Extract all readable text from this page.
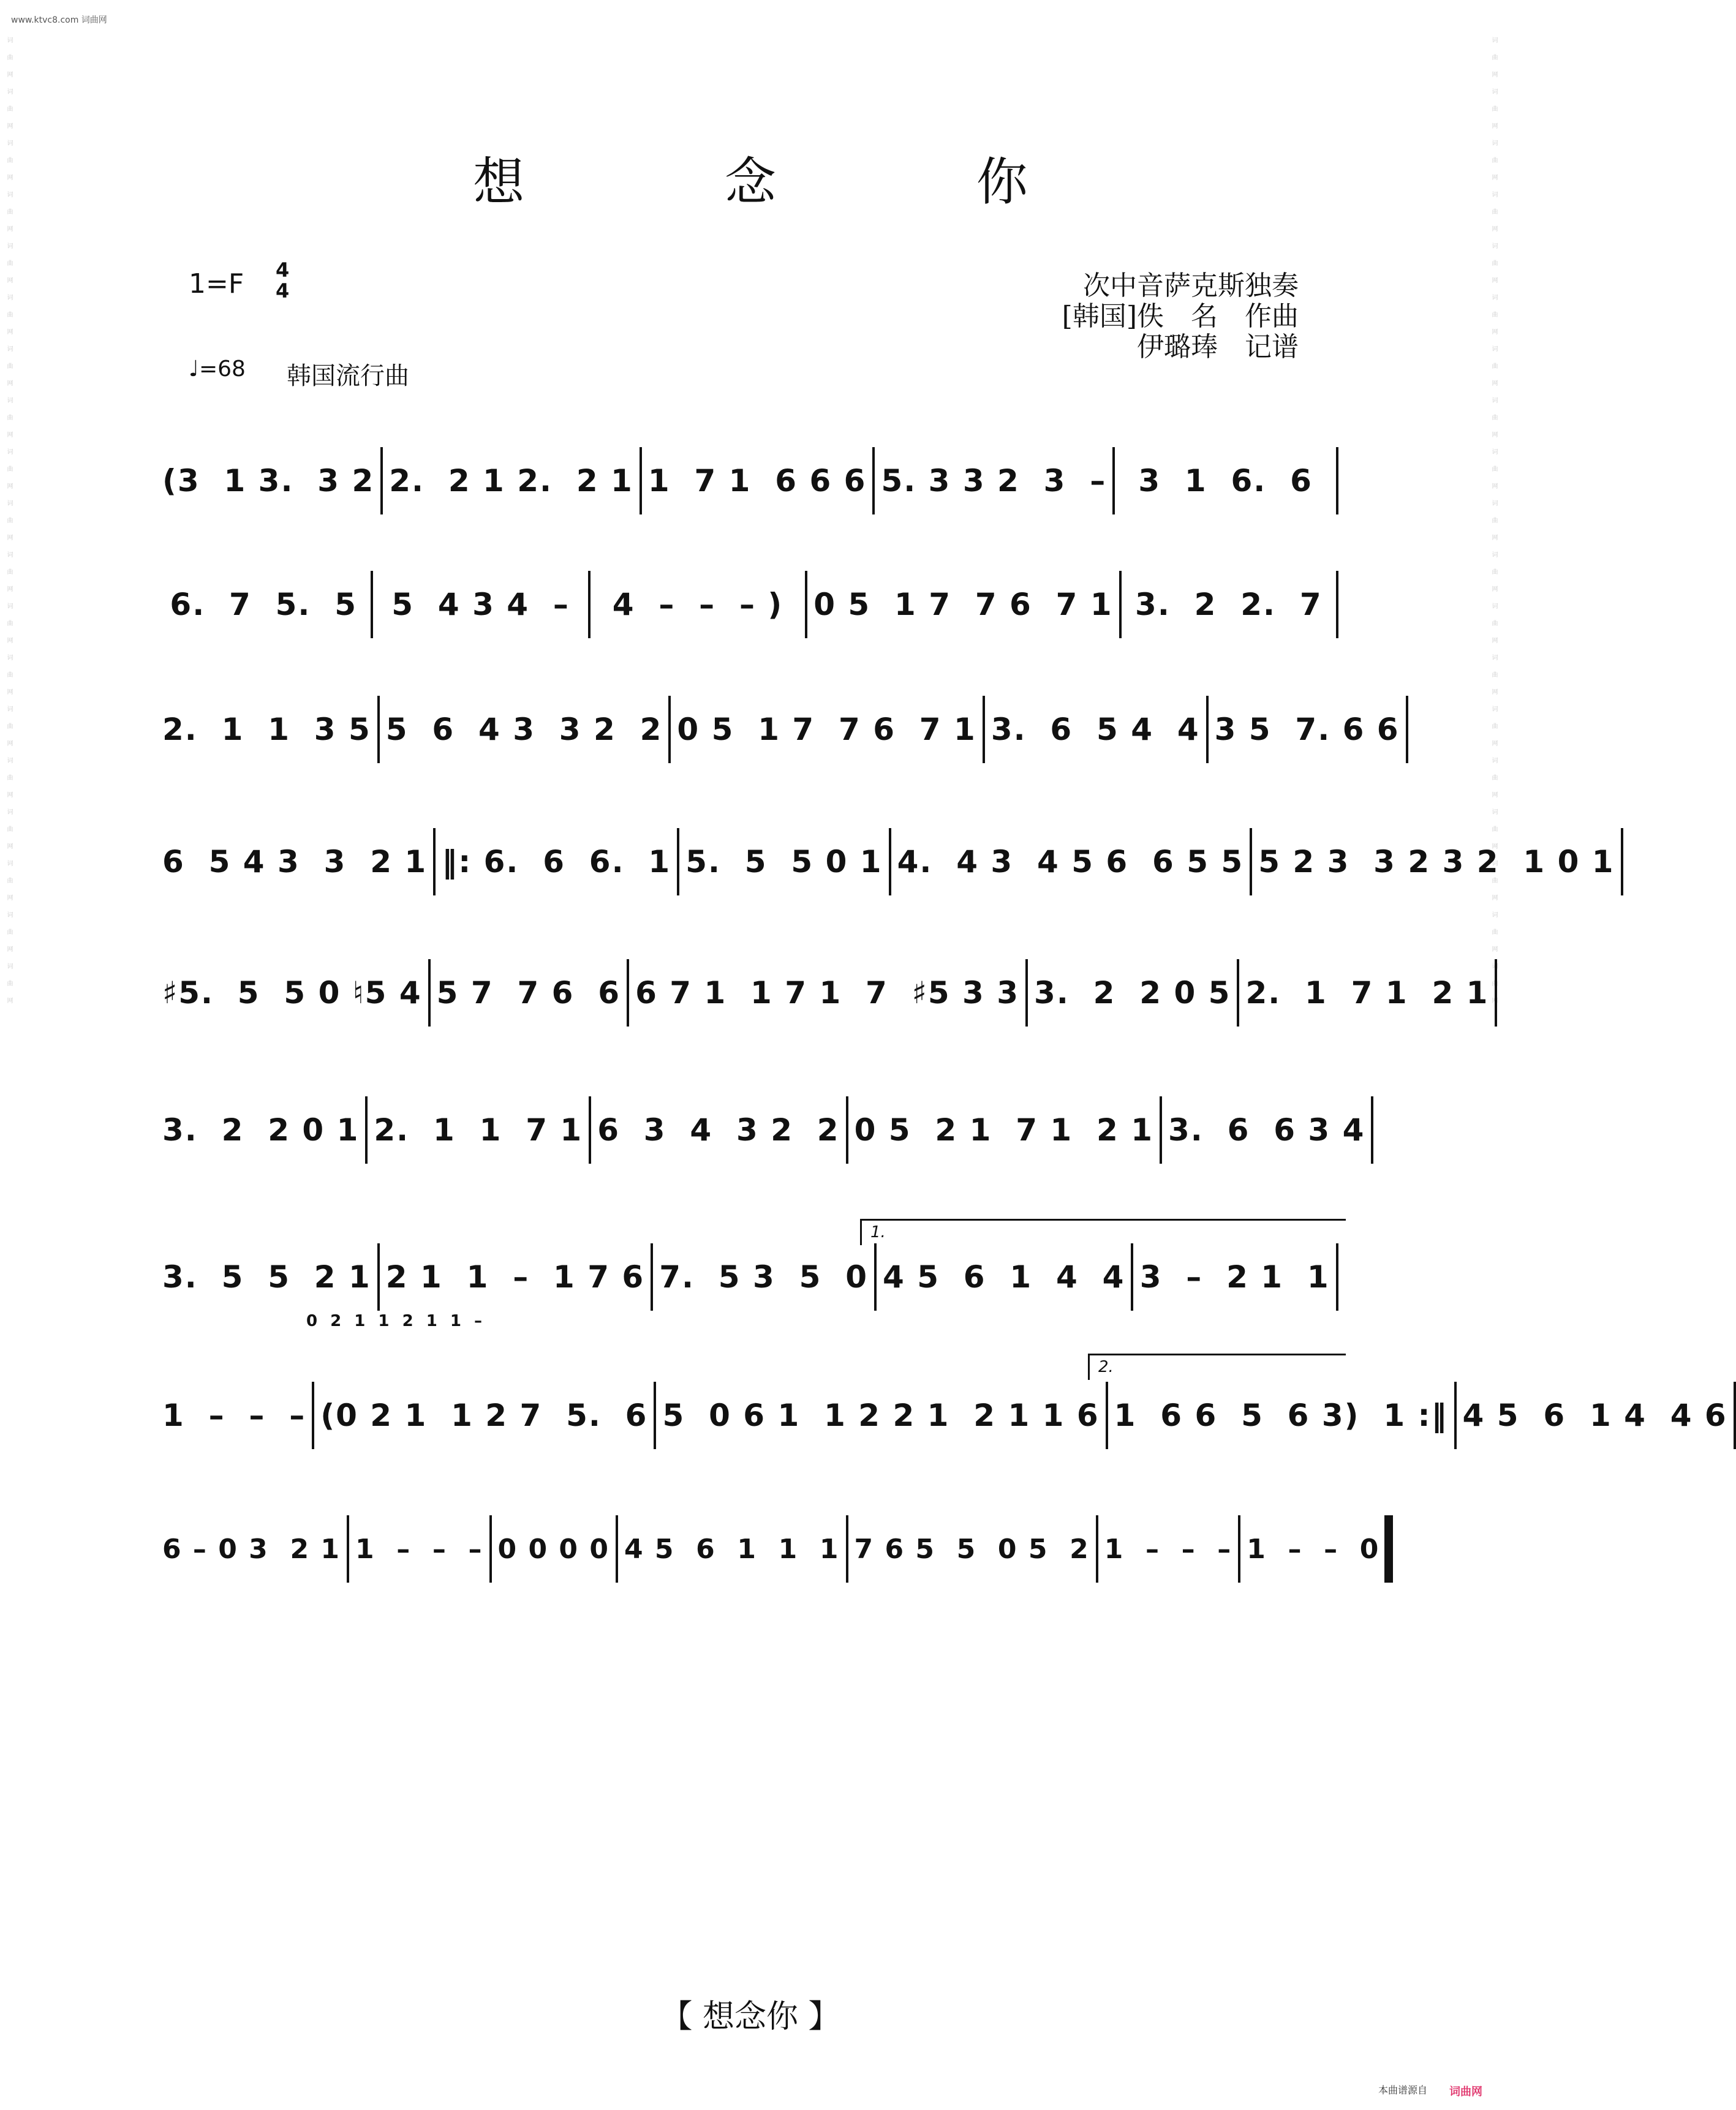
www.ktvc8.com 词曲网
词曲网词曲网词曲网词曲网词曲网词曲网词曲网词曲网词曲网词曲网词曲网词曲网词曲网词曲网词曲网词曲网词曲网词曲网词曲网	词曲网词曲网词曲网词曲网词曲网词曲网词曲网词曲网词曲网词曲网词曲网词曲网词曲网词曲网词曲网词曲网词曲网词曲网词曲网
想 念 你
1=F 4
4
♩=68 韩国流行曲
次中音萨克斯独奏
[韩国]佚　名　作曲
伊璐琫　记谱
(3  1 3.  3 2 2.  2 1 2.  2 1 1  7 1  6 6 6 5. 3 3 2  3  –	3  1  6.  6
6.  7  5.  5	5  4 3 4  –	4  –  –  – ) 0 5  1 7  7 6  7 1 3.  2  2.  7
2.  1  1  3 5 5  6  4 3  3 2  2 0 5  1 7  7 6  7 1 3.  6  5 4  4 3 5  7. 6 6
6  5 4 3  3  2 1 ‖: 6.  6  6.  1 5.  5  5 0 1 4.  4 3  4 5 6  6 5 5 5 2 3  3 2 3 2  1 0 1
♯5.  5  5 0 ♮5 4 5 7  7 6  6 6 7 1  1 7 1  7  ♯5 3 3 3.  2  2 0 5 2.  1  7 1  2 1
3.  2  2 0 1 2.  1  1  7 1 6  3  4  3 2  2 0 5  2 1  7 1  2 1 3.  6  6 3 4
3.  5  5  2 1 2 1  1  –  1 7 6 7.  5 3  5  0 4 5  6  1  4  4 3  –  2 1  1
1  –  –  – (0 2 1  1 2 7  5.  6 5  0 6 1  1 2 2 1  2 1 1 6 1  6 6  5  6 3)  1 :‖ 4 5  6  1 4  4 6
6 – 0 3  2 1 1  –  –  – 0 0 0 0 4 5  6  1  1  1 7 6 5  5  0 5  2 1  –  –  – 1  –  –  0
0 2 1 1 2 1 1 –
1.
2.
【 想念你 】
本曲谱源自 词曲网
